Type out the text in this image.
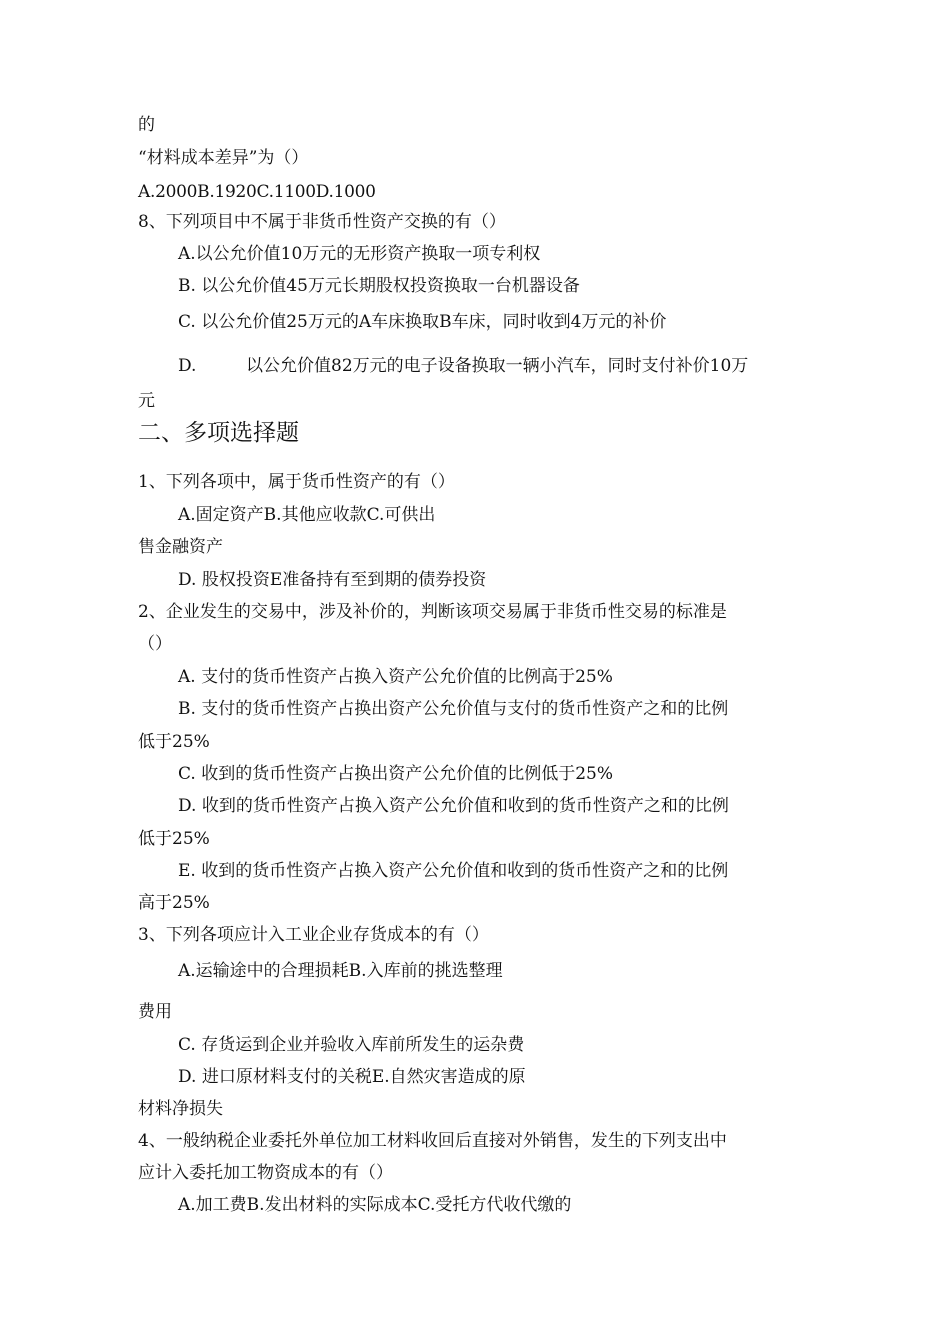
的
“材料成本差异”为（）
A.2000B.1920C.1100D.1000
8、下列项目中不属于非货币性资产交换的有（）
A.以公允价值10万元的无形资产换取一项专利权
B. 以公允价值45万元长期股权投资换取一台机器设备
C. 以公允价值25万元的A车床换取B车床，同时收到4万元的补价
D.	以公允价值82万元的电子设备换取一辆小汽车，同时支付补价10万
元
二、多项选择题
1、下列各项中，属于货币性资产的有（）
A.固定资产B.其他应收款C.可供出
售金融资产
D. 股权投资E准备持有至到期的债券投资
2、企业发生的交易中，涉及补价的，判断该项交易属于非货币性交易的标准是
（）
A. 支付的货币性资产占换入资产公允价值的比例高于25%
B. 支付的货币性资产占换出资产公允价值与支付的货币性资产之和的比例
低于25%
C. 收到的货币性资产占换出资产公允价值的比例低于25%
D. 收到的货币性资产占换入资产公允价值和收到的货币性资产之和的比例
低于25%
E. 收到的货币性资产占换入资产公允价值和收到的货币性资产之和的比例
高于25%
3、下列各项应计入工业企业存货成本的有（）
A.运输途中的合理损耗B.入库前的挑选整理
费用
C. 存货运到企业并验收入库前所发生的运杂费
D. 进口原材料支付的关税E.自然灾害造成的原
材料净损失
4、一般纳税企业委托外单位加工材料收回后直接对外销售，发生的下列支出中
应计入委托加工物资成本的有（）
A.加工费B.发出材料的实际成本C.受托方代收代缴的
